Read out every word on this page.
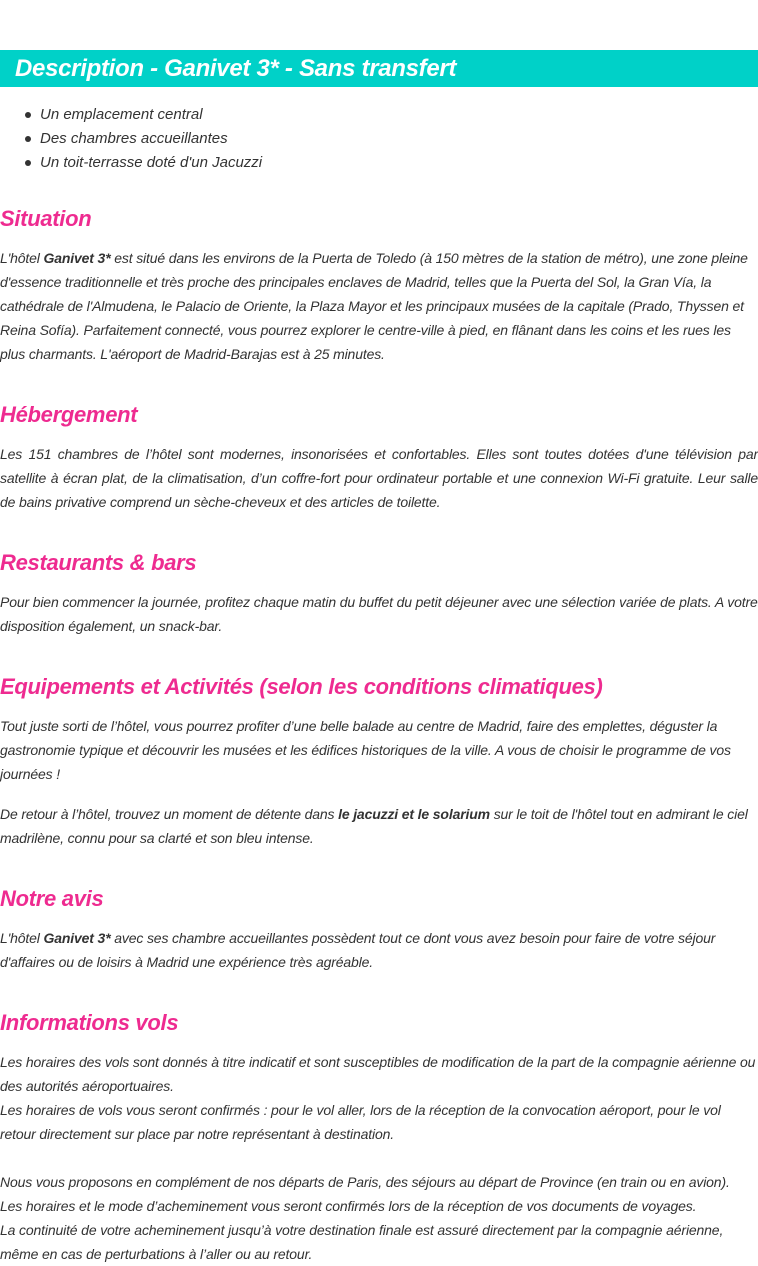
Description - Ganivet 3* - Sans transfert
Un emplacement central
Des chambres accueillantes
Un toit-terrasse doté d'un Jacuzzi
Situation

L'hôtel Ganivet 3* est situé dans les environs de la Puerta de Toledo (à 150 mètres de la station de métro), une zone pleine d'essence traditionnelle et très proche des principales enclaves de Madrid, telles que la Puerta del Sol, la Gran Vía, la cathédrale de l'Almudena, le Palacio de Oriente, la Plaza Mayor et les principaux musées de la capitale (Prado, Thyssen et Reina Sofía). Parfaitement connecté, vous pourrez explorer le centre-ville à pied, en flânant dans les coins et les rues les plus charmants. L'aéroport de Madrid-Barajas est à 25 minutes.

Hébergement

Les 151 chambres de l’hôtel sont modernes, insonorisées et confortables. Elles sont toutes dotées d'une télévision par satellite à écran plat, de la climatisation, d’un coffre-fort pour ordinateur portable et une connexion Wi-Fi gratuite. Leur salle de bains privative comprend un sèche-cheveux et des articles de toilette.

Restaurants & bars

Pour bien commencer la journée, profitez chaque matin du buffet du petit déjeuner avec une sélection variée de plats. A votre disposition également, un snack-bar.

Equipements et Activités (selon les conditions climatiques)

Tout juste sorti de l’hôtel, vous pourrez profiter d’une belle balade au centre de Madrid, faire des emplettes, déguster la gastronomie typique et découvrir les musées et les édifices historiques de la ville. A vous de choisir le programme de vos journées !

De retour à l’hôtel, trouvez un moment de détente dans le jacuzzi et le solarium sur le toit de l'hôtel tout en admirant le ciel madrilène, connu pour sa clarté et son bleu intense.

Notre avis

L'hôtel Ganivet 3* avec ses chambre accueillantes possèdent tout ce dont vous avez besoin pour faire de votre séjour d'affaires ou de loisirs à Madrid une expérience très agréable.

Informations vols

Les horaires des vols sont donnés à titre indicatif et sont susceptibles de modification de la part de la compagnie aérienne ou des autorités aéroportuaires.

Les horaires de vols vous seront confirmés : pour le vol aller, lors de la réception de la convocation aéroport, pour le vol retour directement sur place par notre représentant à destination.

Nous vous proposons en complément de nos départs de Paris, des séjours au départ de Province (en train ou en avion).

Les horaires et le mode d’acheminement vous seront confirmés lors de la réception de vos documents de voyages.

La continuité de votre acheminement jusqu’à votre destination finale est assuré directement par la compagnie aérienne, même en cas de perturbations à l’aller ou au retour.
